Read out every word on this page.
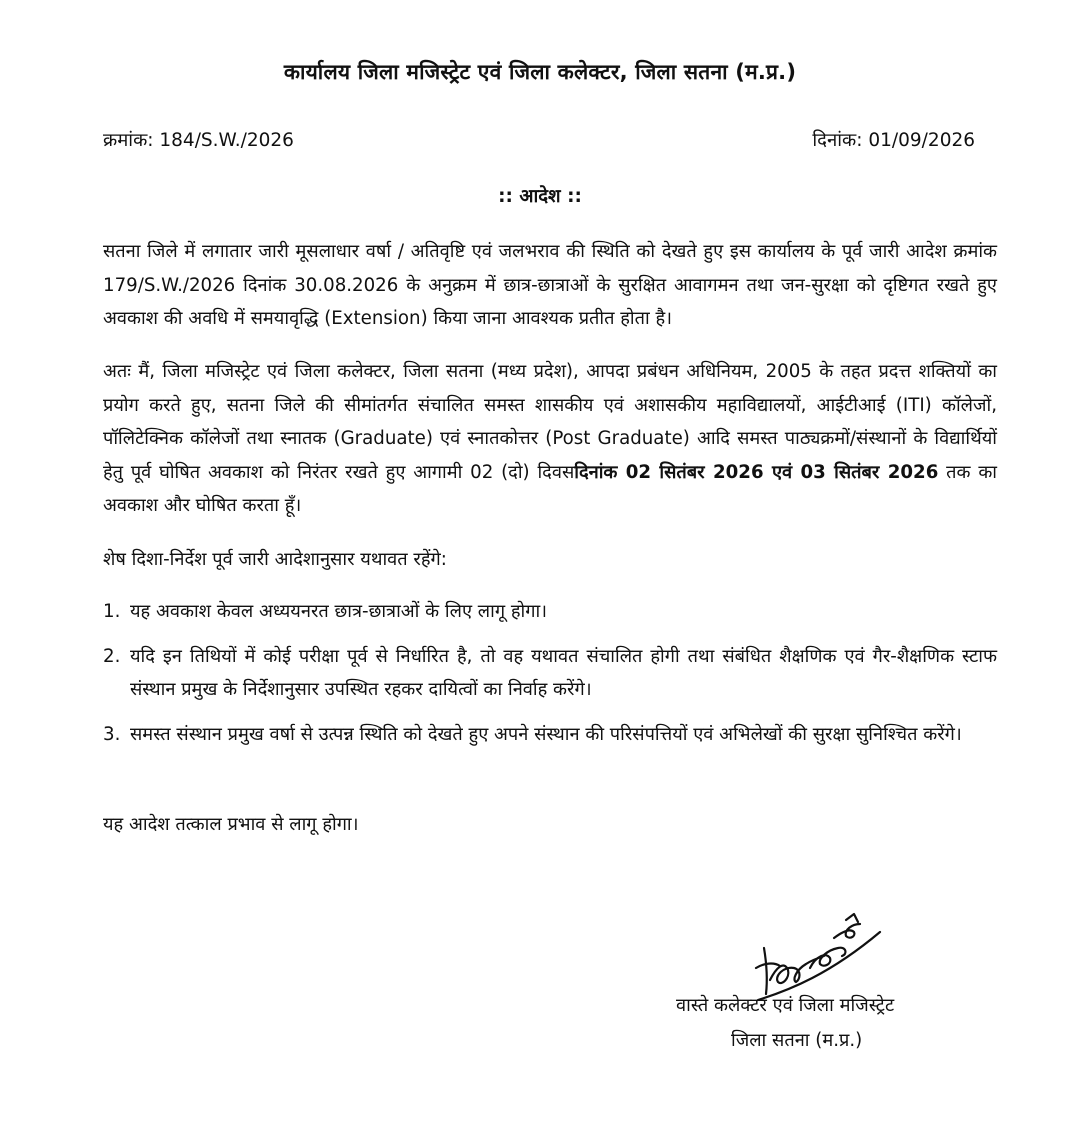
कार्यालय जिला मजिस्ट्रेट एवं जिला कलेक्टर, जिला सतना (म.प्र.)
क्रमांक: 184/S.W./2026	दिनांक: 01/09/2026
:: आदेश ::
सतना जिले में लगातार जारी मूसलाधार वर्षा / अतिवृष्टि एवं जलभराव की स्थिति को देखते हुए इस कार्यालय के पूर्व जारी आदेश क्रमांक 179/S.W./2026 दिनांक 30.08.2026 के अनुक्रम में छात्र-छात्राओं के सुरक्षित आवागमन तथा जन-सुरक्षा को दृष्टिगत रखते हुए अवकाश की अवधि में समयावृद्धि (Extension) किया जाना आवश्यक प्रतीत होता है।
अतः मैं, जिला मजिस्ट्रेट एवं जिला कलेक्टर, जिला सतना (मध्य प्रदेश), आपदा प्रबंधन अधिनियम, 2005 के तहत प्रदत्त शक्तियों का प्रयोग करते हुए, सतना जिले की सीमांतर्गत संचालित समस्त शासकीय एवं अशासकीय महाविद्यालयों, आईटीआई (ITI) कॉलेजों, पॉलिटेक्निक कॉलेजों तथा स्नातक (Graduate) एवं स्नातकोत्तर (Post Graduate) आदि समस्त पाठ्यक्रमों/संस्थानों के विद्यार्थियों हेतु पूर्व घोषित अवकाश को निरंतर रखते हुए आगामी 02 (दो) दिवसदिनांक 02 सितंबर 2026 एवं 03 सितंबर 2026 तक का अवकाश और घोषित करता हूँ।
शेष दिशा-निर्देश पूर्व जारी आदेशानुसार यथावत रहेंगे:
1. यह अवकाश केवल अध्ययनरत छात्र-छात्राओं के लिए लागू होगा।
2. यदि इन तिथियों में कोई परीक्षा पूर्व से निर्धारित है, तो वह यथावत संचालित होगी तथा संबंधित शैक्षणिक एवं गैर-शैक्षणिक स्टाफ संस्थान प्रमुख के निर्देशानुसार उपस्थित रहकर दायित्वों का निर्वाह करेंगे।
3. समस्त संस्थान प्रमुख वर्षा से उत्पन्न स्थिति को देखते हुए अपने संस्थान की परिसंपत्तियों एवं अभिलेखों की सुरक्षा सुनिश्चित करेंगे।
यह आदेश तत्काल प्रभाव से लागू होगा।
वास्ते कलेक्टर एवं जिला मजिस्ट्रेट
जिला सतना (म.प्र.)
